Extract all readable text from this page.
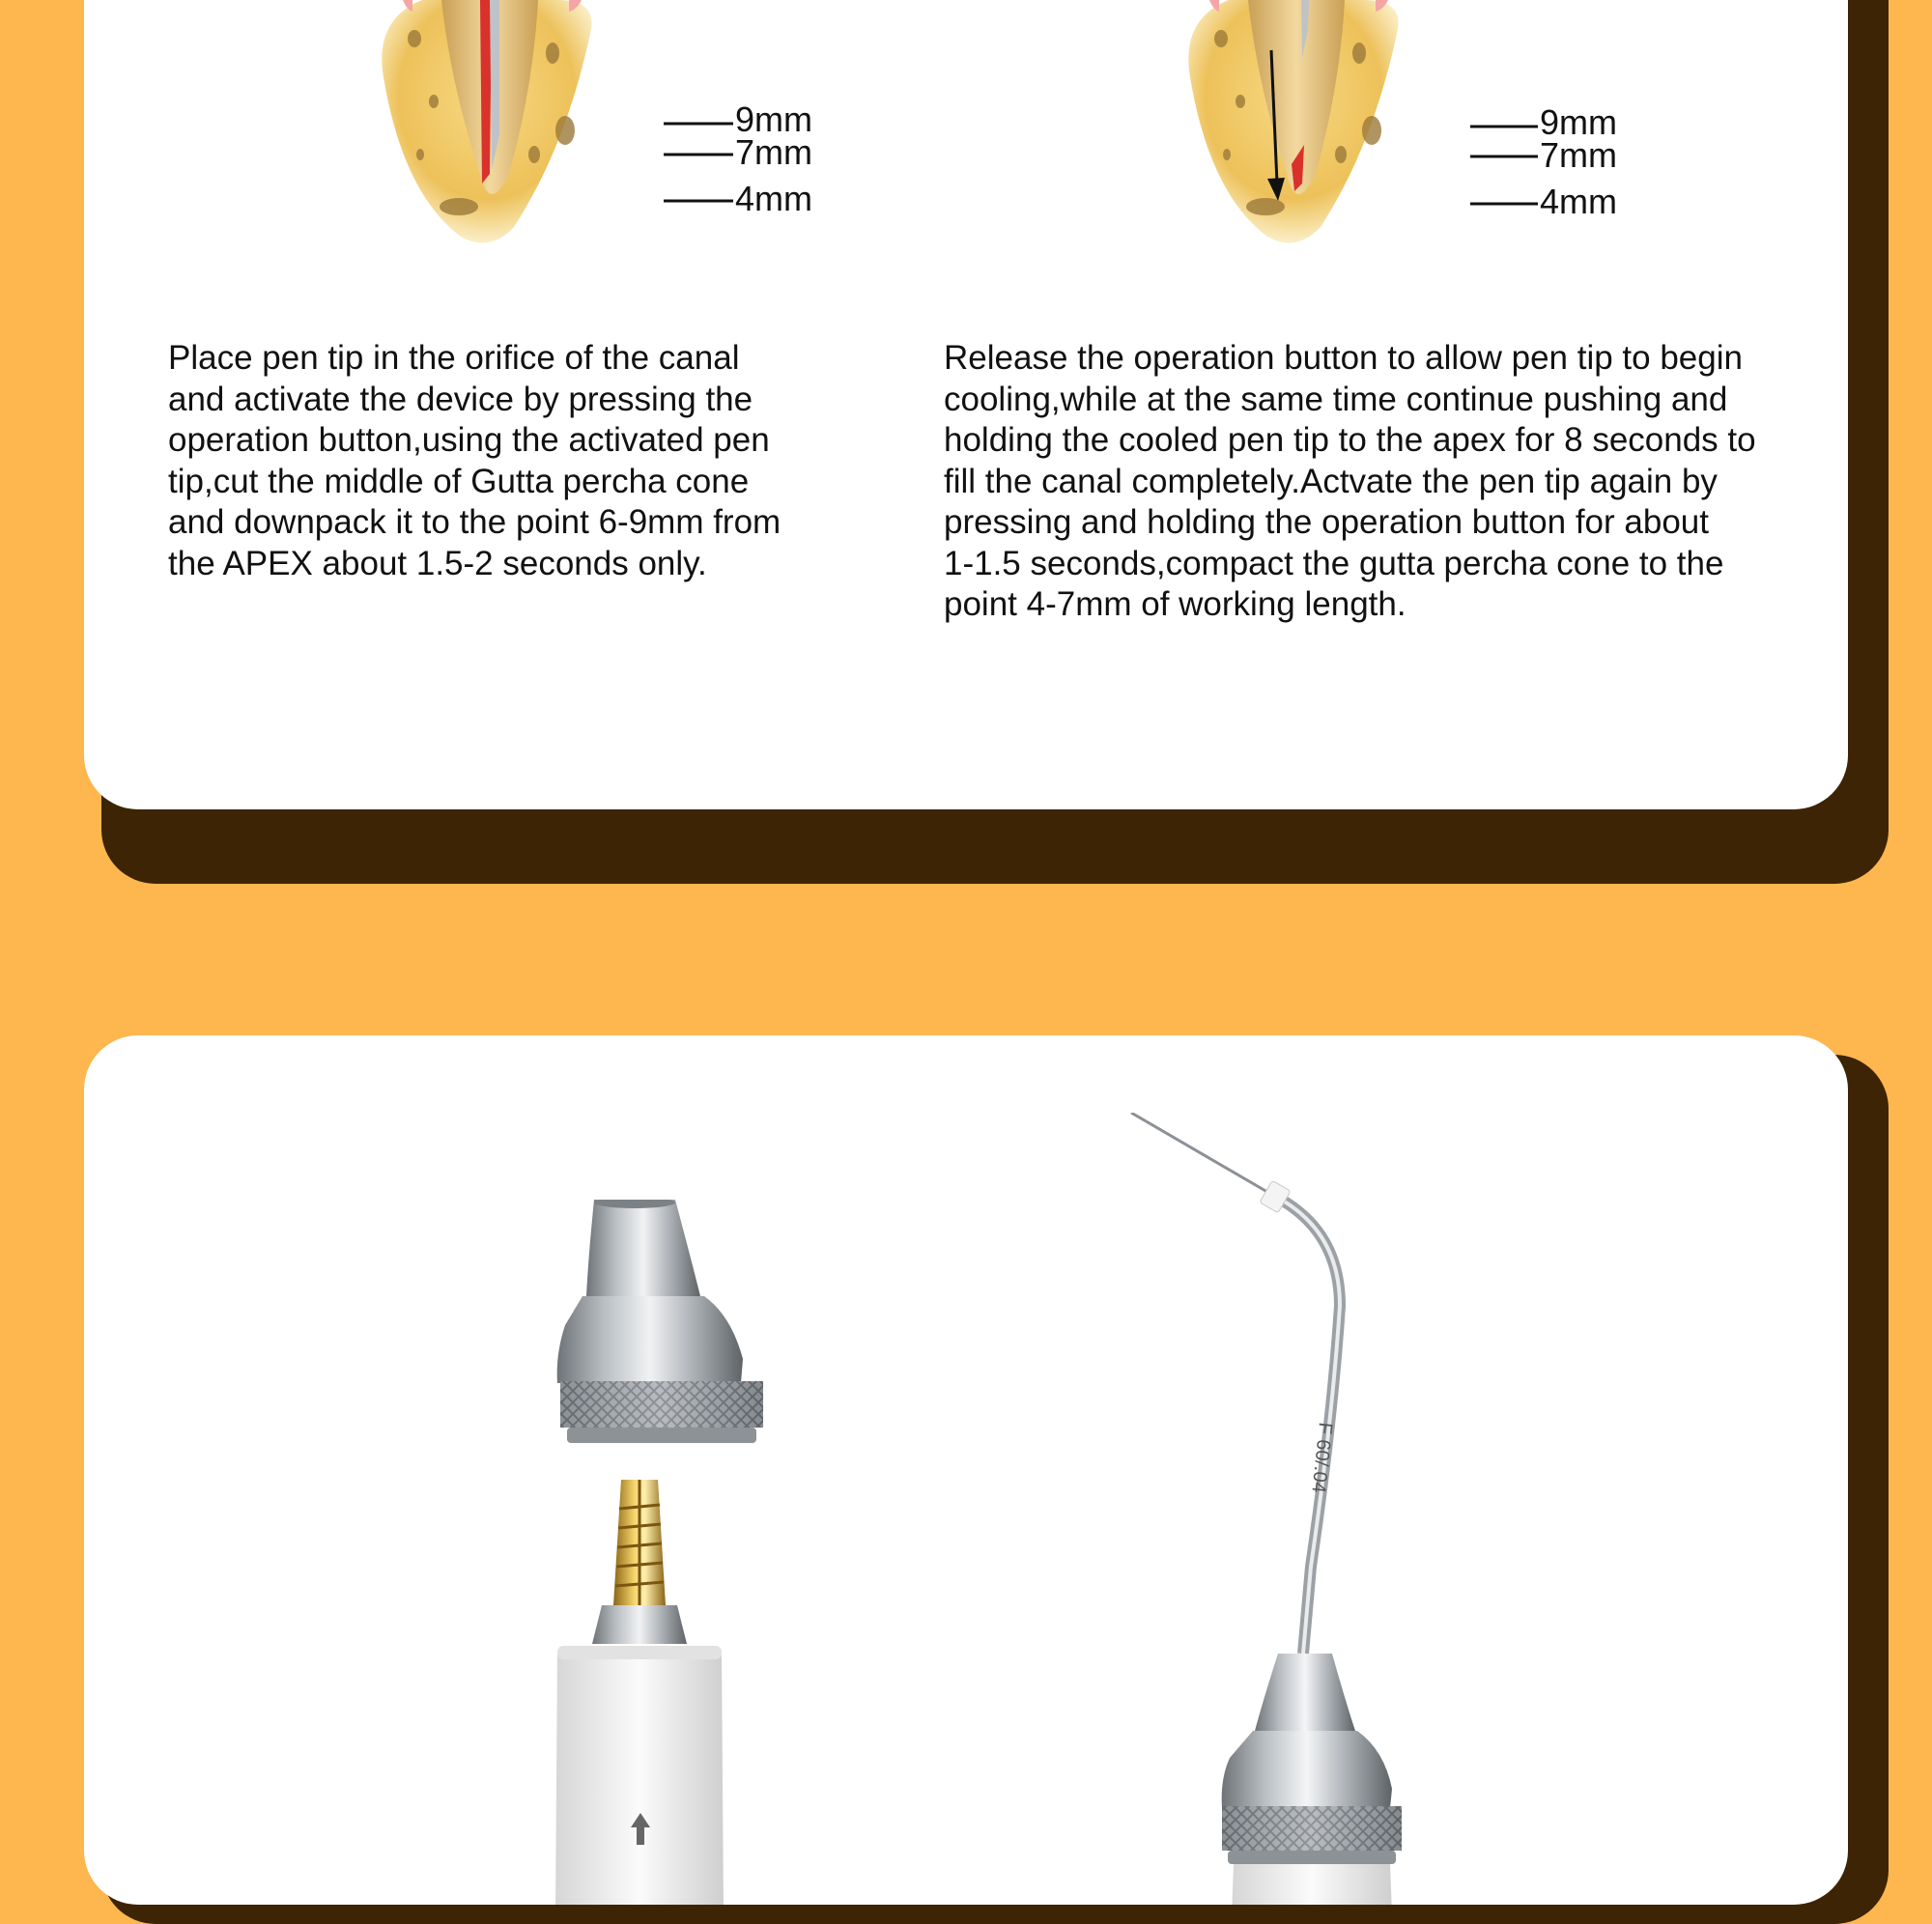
9mm
7mm
4mm
9mm
7mm
4mm

Place pen tip in the orifice of the canal
and activate the device by pressing the
operation button,using the activated pen
tip,cut the middle of Gutta percha cone
and downpack it to the point 6-9mm from
the APEX about 1.5-2 seconds only.

Release the operation button to allow pen tip to begin
cooling,while at the same time continue pushing and
holding the cooled pen tip to the apex for 8 seconds to
fill the canal completely.Actvate the pen tip again by
pressing and holding the operation button for about
1-1.5 seconds,compact the gutta percha cone to the
point 4-7mm of working length.

F 60/.04
